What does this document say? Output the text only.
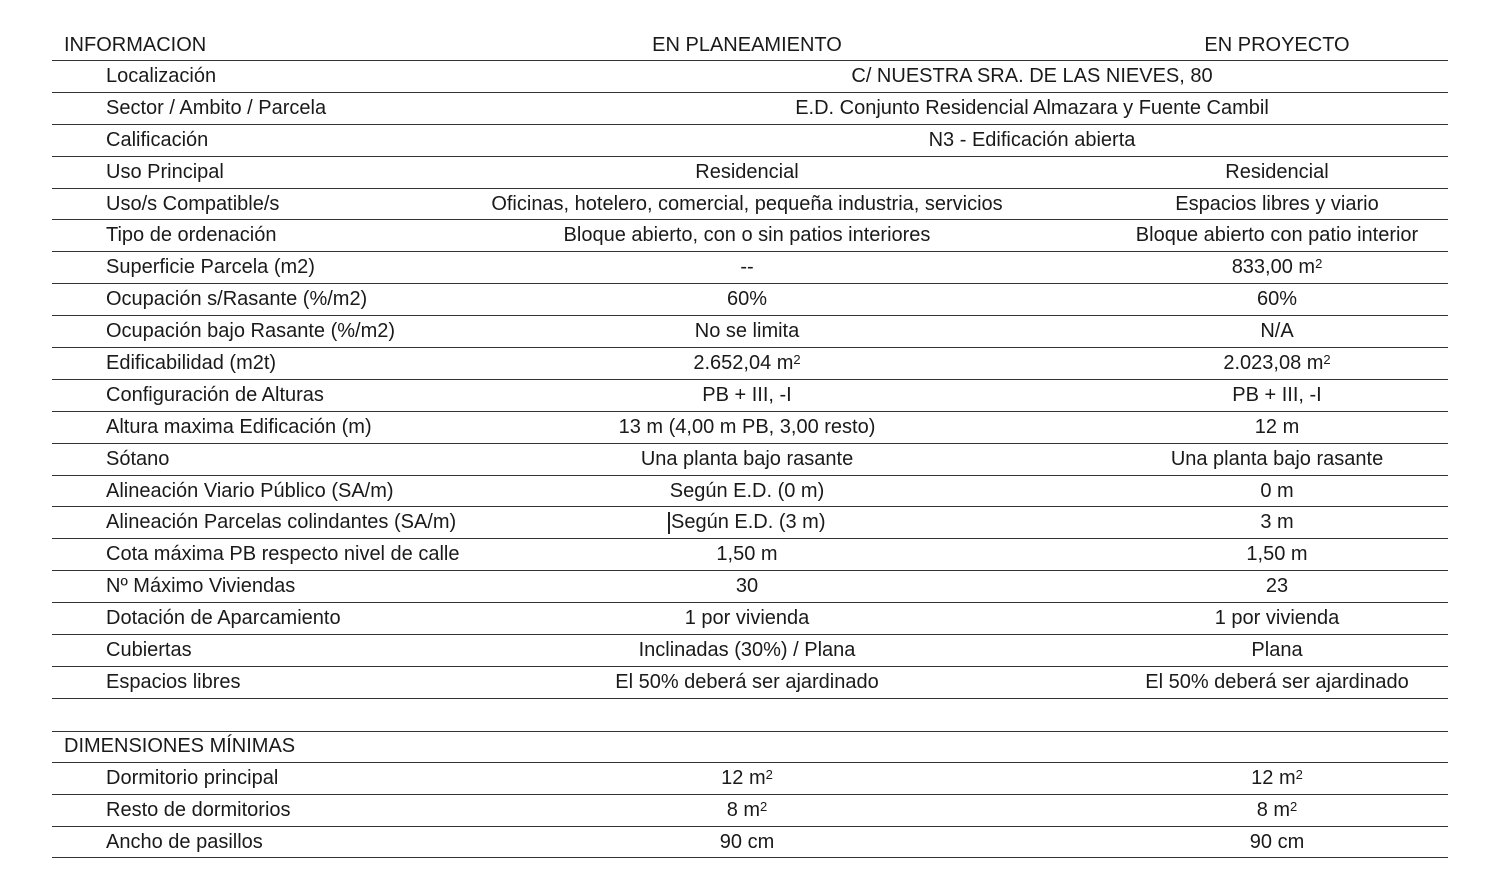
INFORMACION	EN PLANEAMIENTO	EN PROYECTO
Localización	C/ NUESTRA SRA. DE LAS NIEVES, 80
Sector / Ambito / Parcela	E.D. Conjunto Residencial Almazara y Fuente Cambil
Calificación	N3 - Edificación abierta
Uso Principal	Residencial	Residencial
Uso/s Compatible/s	Oficinas, hotelero, comercial, pequeña industria, servicios	Espacios libres y viario
Tipo de ordenación	Bloque abierto, con o sin patios interiores	Bloque abierto con patio interior
Superficie Parcela (m2)	--	833,00 $m^2$
Ocupación s/Rasante (%/m2)	60%	60%
Ocupación bajo Rasante (%/m2)	No se limita	N/A
Edificabilidad (m2t)	2.652,04 $m^2$	2.023,08 $m^2$
Configuración de Alturas	PB + III, -I	PB + III, -I
Altura maxima Edificación (m)	13 m (4,00 m PB, 3,00 resto)	12 m
Sótano	Una planta bajo rasante	Una planta bajo rasante
Alineación Viario Público (SA/m)	Según E.D. (0 m)	0 m
Alineación Parcelas colindantes (SA/m)	Según E.D. (3 m)	3 m
Cota máxima PB respecto nivel de calle	1,50 m	1,50 m
Nº Máximo Viviendas	30	23
Dotación de Aparcamiento	1 por vivienda	1 por vivienda
Cubiertas	Inclinadas (30%) / Plana	Plana
Espacios libres	El 50% deberá ser ajardinado	El 50% deberá ser ajardinado
DIMENSIONES MÍNIMAS
Dormitorio principal	12 $m^2$	12 $m^2$
Resto de dormitorios	8 $m^2$	8 $m^2$
Ancho de pasillos	90 cm	90 cm
